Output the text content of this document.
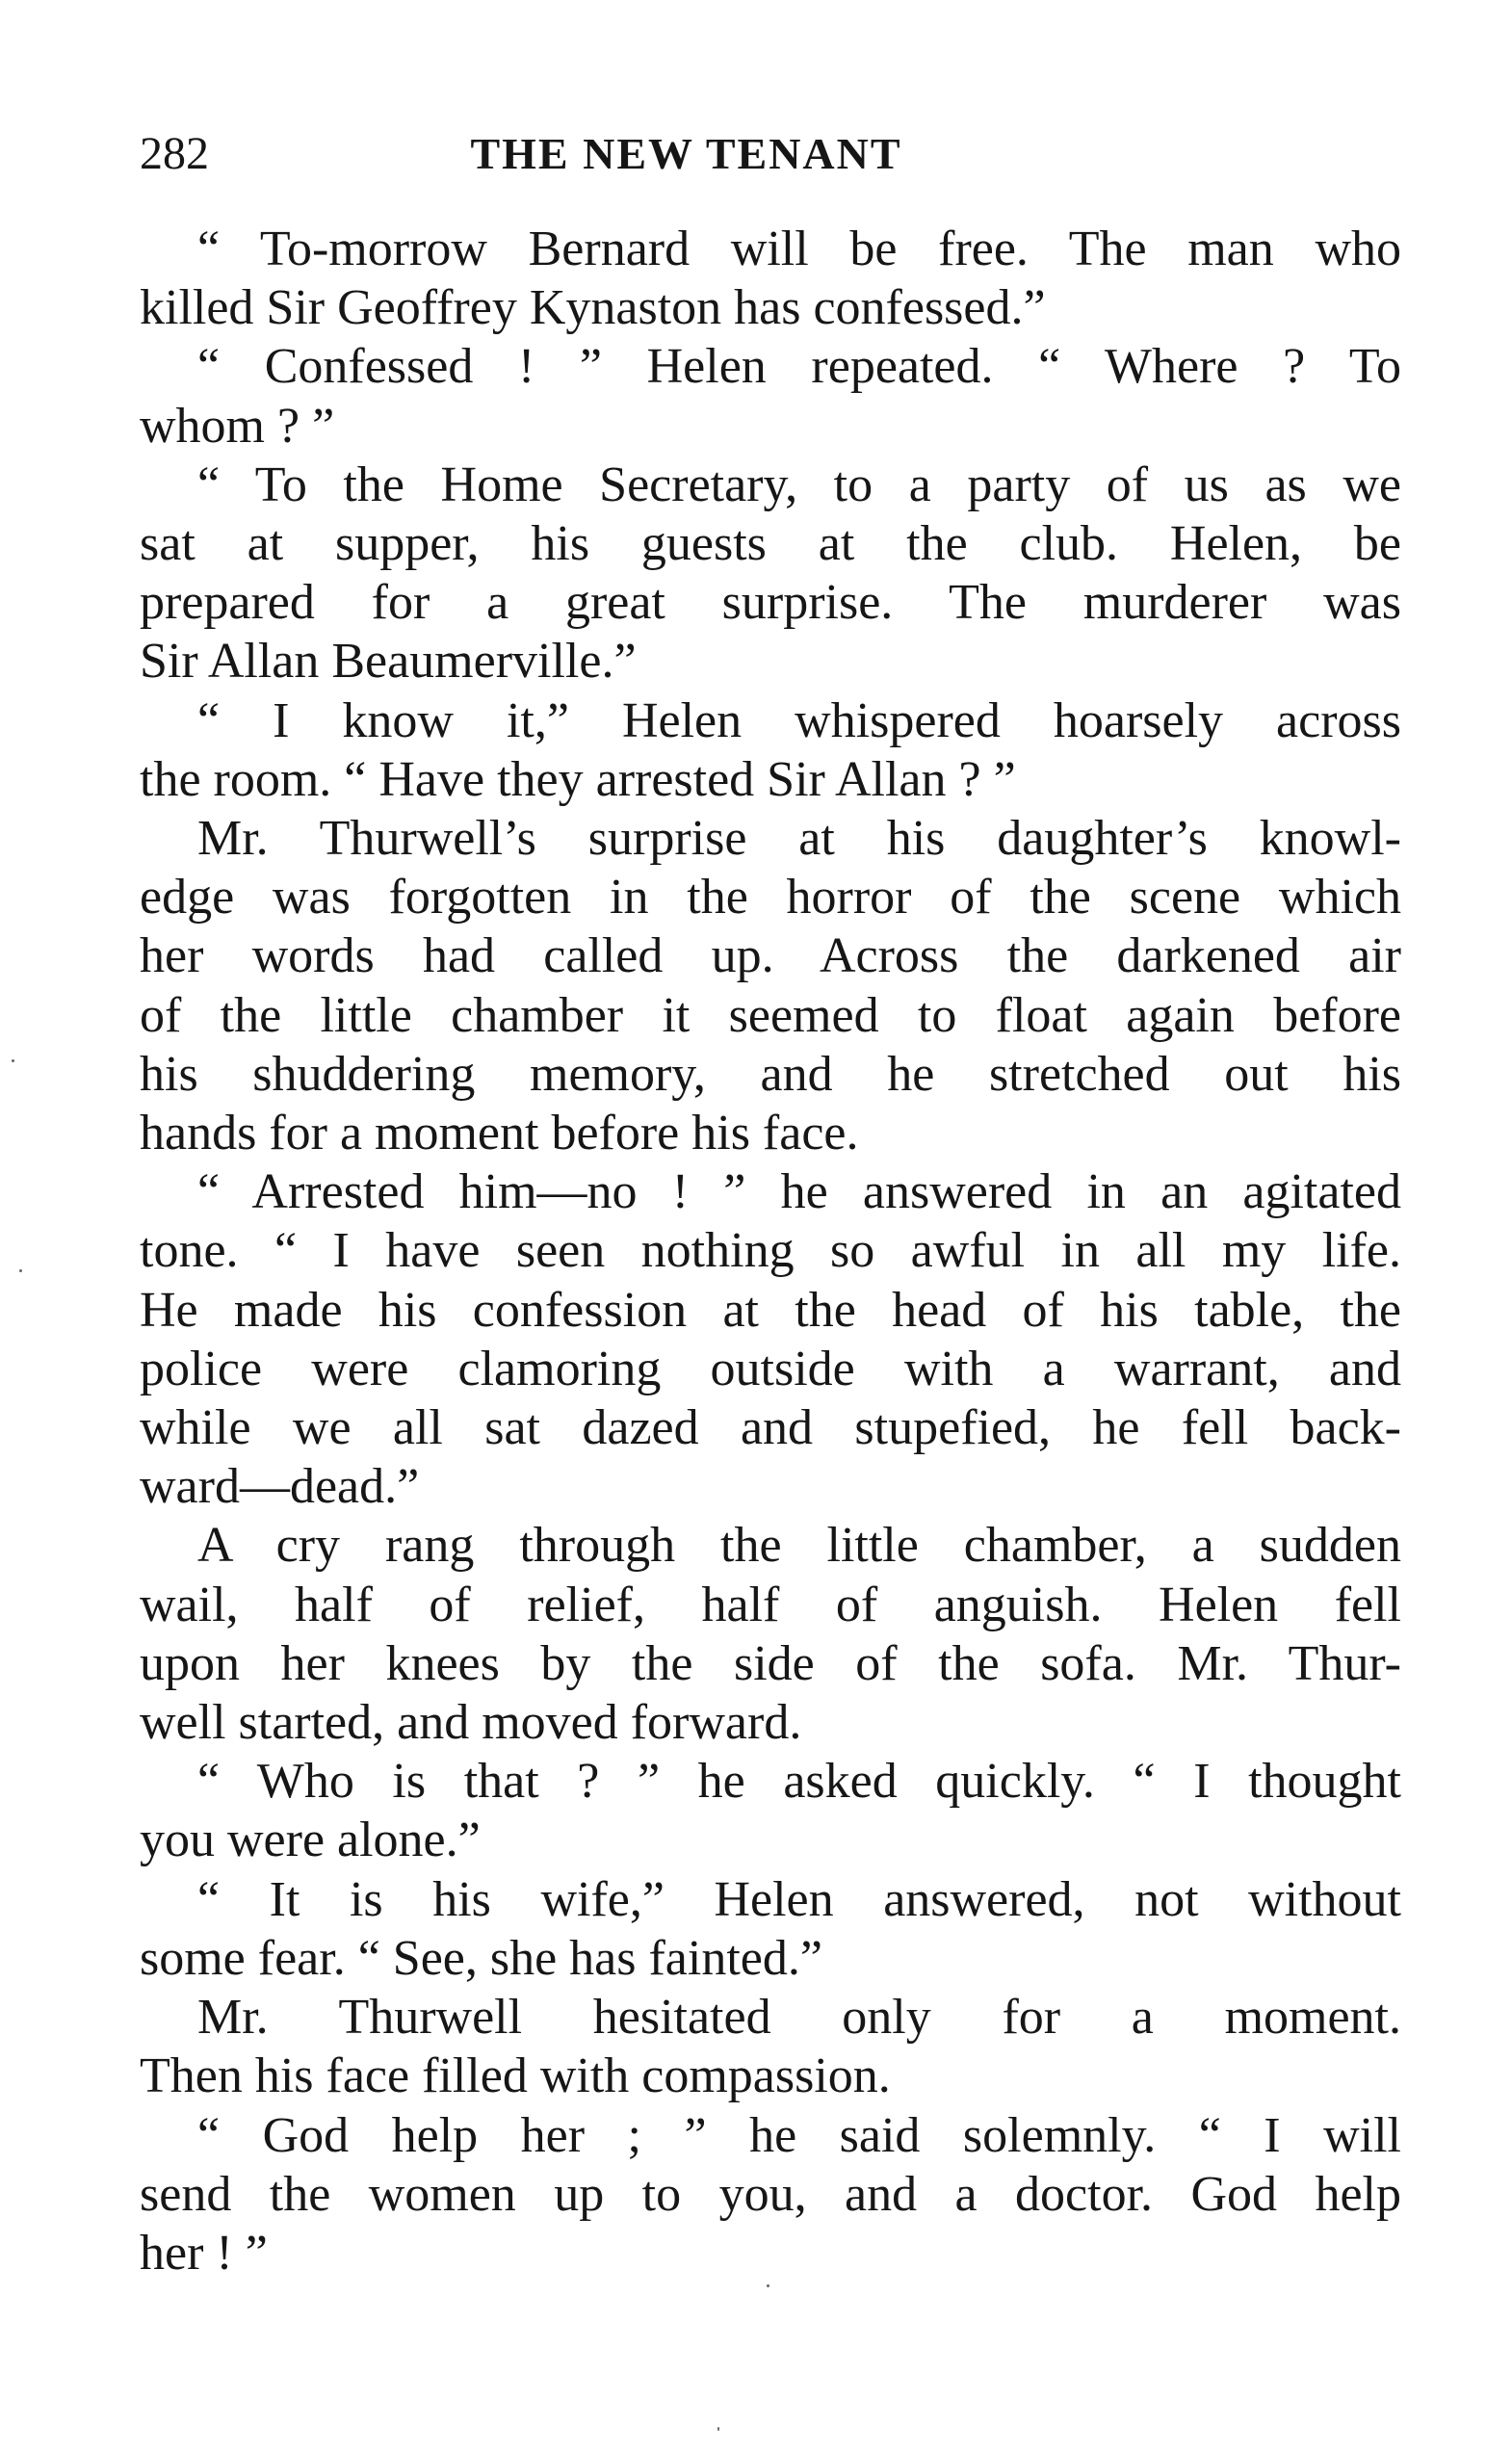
282	THE NEW TENANT

“ To-morrow Bernard will be free. The man who
killed Sir Geoffrey Kynaston has confessed.”

“ Confessed ! ” Helen repeated. “ Where ? To
whom ? ”

“ To the Home Secretary, to a party of us as we
sat at supper, his guests at the club. Helen, be
prepared for a great surprise. The murderer was
Sir Allan Beaumerville.”

“ I know it,” Helen whispered hoarsely across
the room. “ Have they arrested Sir Allan ? ”

Mr. Thurwell’s surprise at his daughter’s knowl-
edge was forgotten in the horror of the scene which
her words had called up. Across the darkened air
of the little chamber it seemed to float again before
his shuddering memory, and he stretched out his
hands for a moment before his face.

“ Arrested him—no ! ” he answered in an agitated
tone. “ I have seen nothing so awful in all my life.
He made his confession at the head of his table, the
police were clamoring outside with a warrant, and
while we all sat dazed and stupefied, he fell back-
ward—dead.”

A cry rang through the little chamber, a sudden
wail, half of relief, half of anguish. Helen fell
upon her knees by the side of the sofa. Mr. Thur-
well started, and moved forward.

“ Who is that ? ” he asked quickly. “ I thought
you were alone.”

“ It is his wife,” Helen answered, not without
some fear. “ See, she has fainted.”

Mr. Thurwell hesitated only for a moment.
Then his face filled with compassion.

“ God help her ; ” he said solemnly. “ I will
send the women up to you, and a doctor. God help
her ! ”
